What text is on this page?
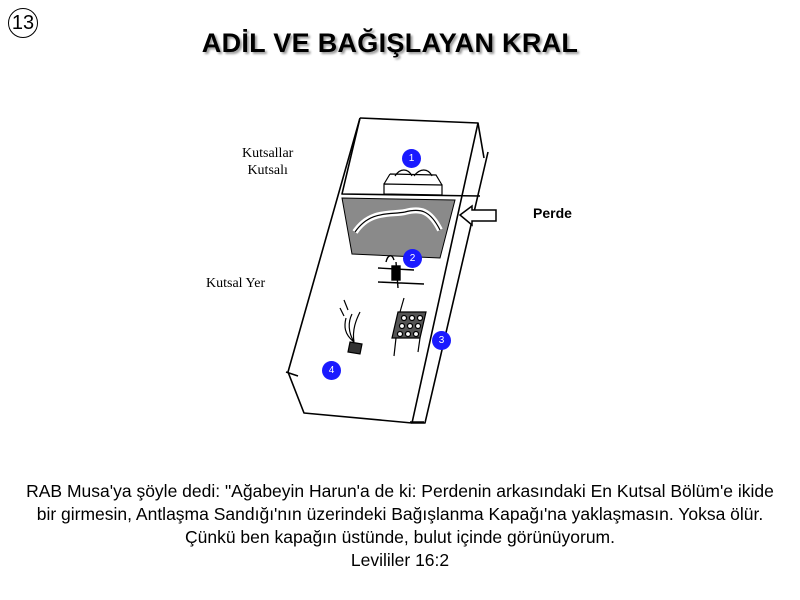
13
ADİL VE BAĞIŞLAYAN KRAL
Kutsallar
Kutsalı
Kutsal Yer
Perde
1
2
3
4
RAB Musa'ya şöyle dedi: "Ağabeyin Harun'a de ki: Perdenin arkasındaki En Kutsal Bölüm'e ikide bir girmesin, Antlaşma Sandığı'nın üzerindeki Bağışlanma Kapağı'na yaklaşmasın. Yoksa ölür. Çünkü ben kapağın üstünde, bulut içinde görünüyorum.
Levililer 16:2
